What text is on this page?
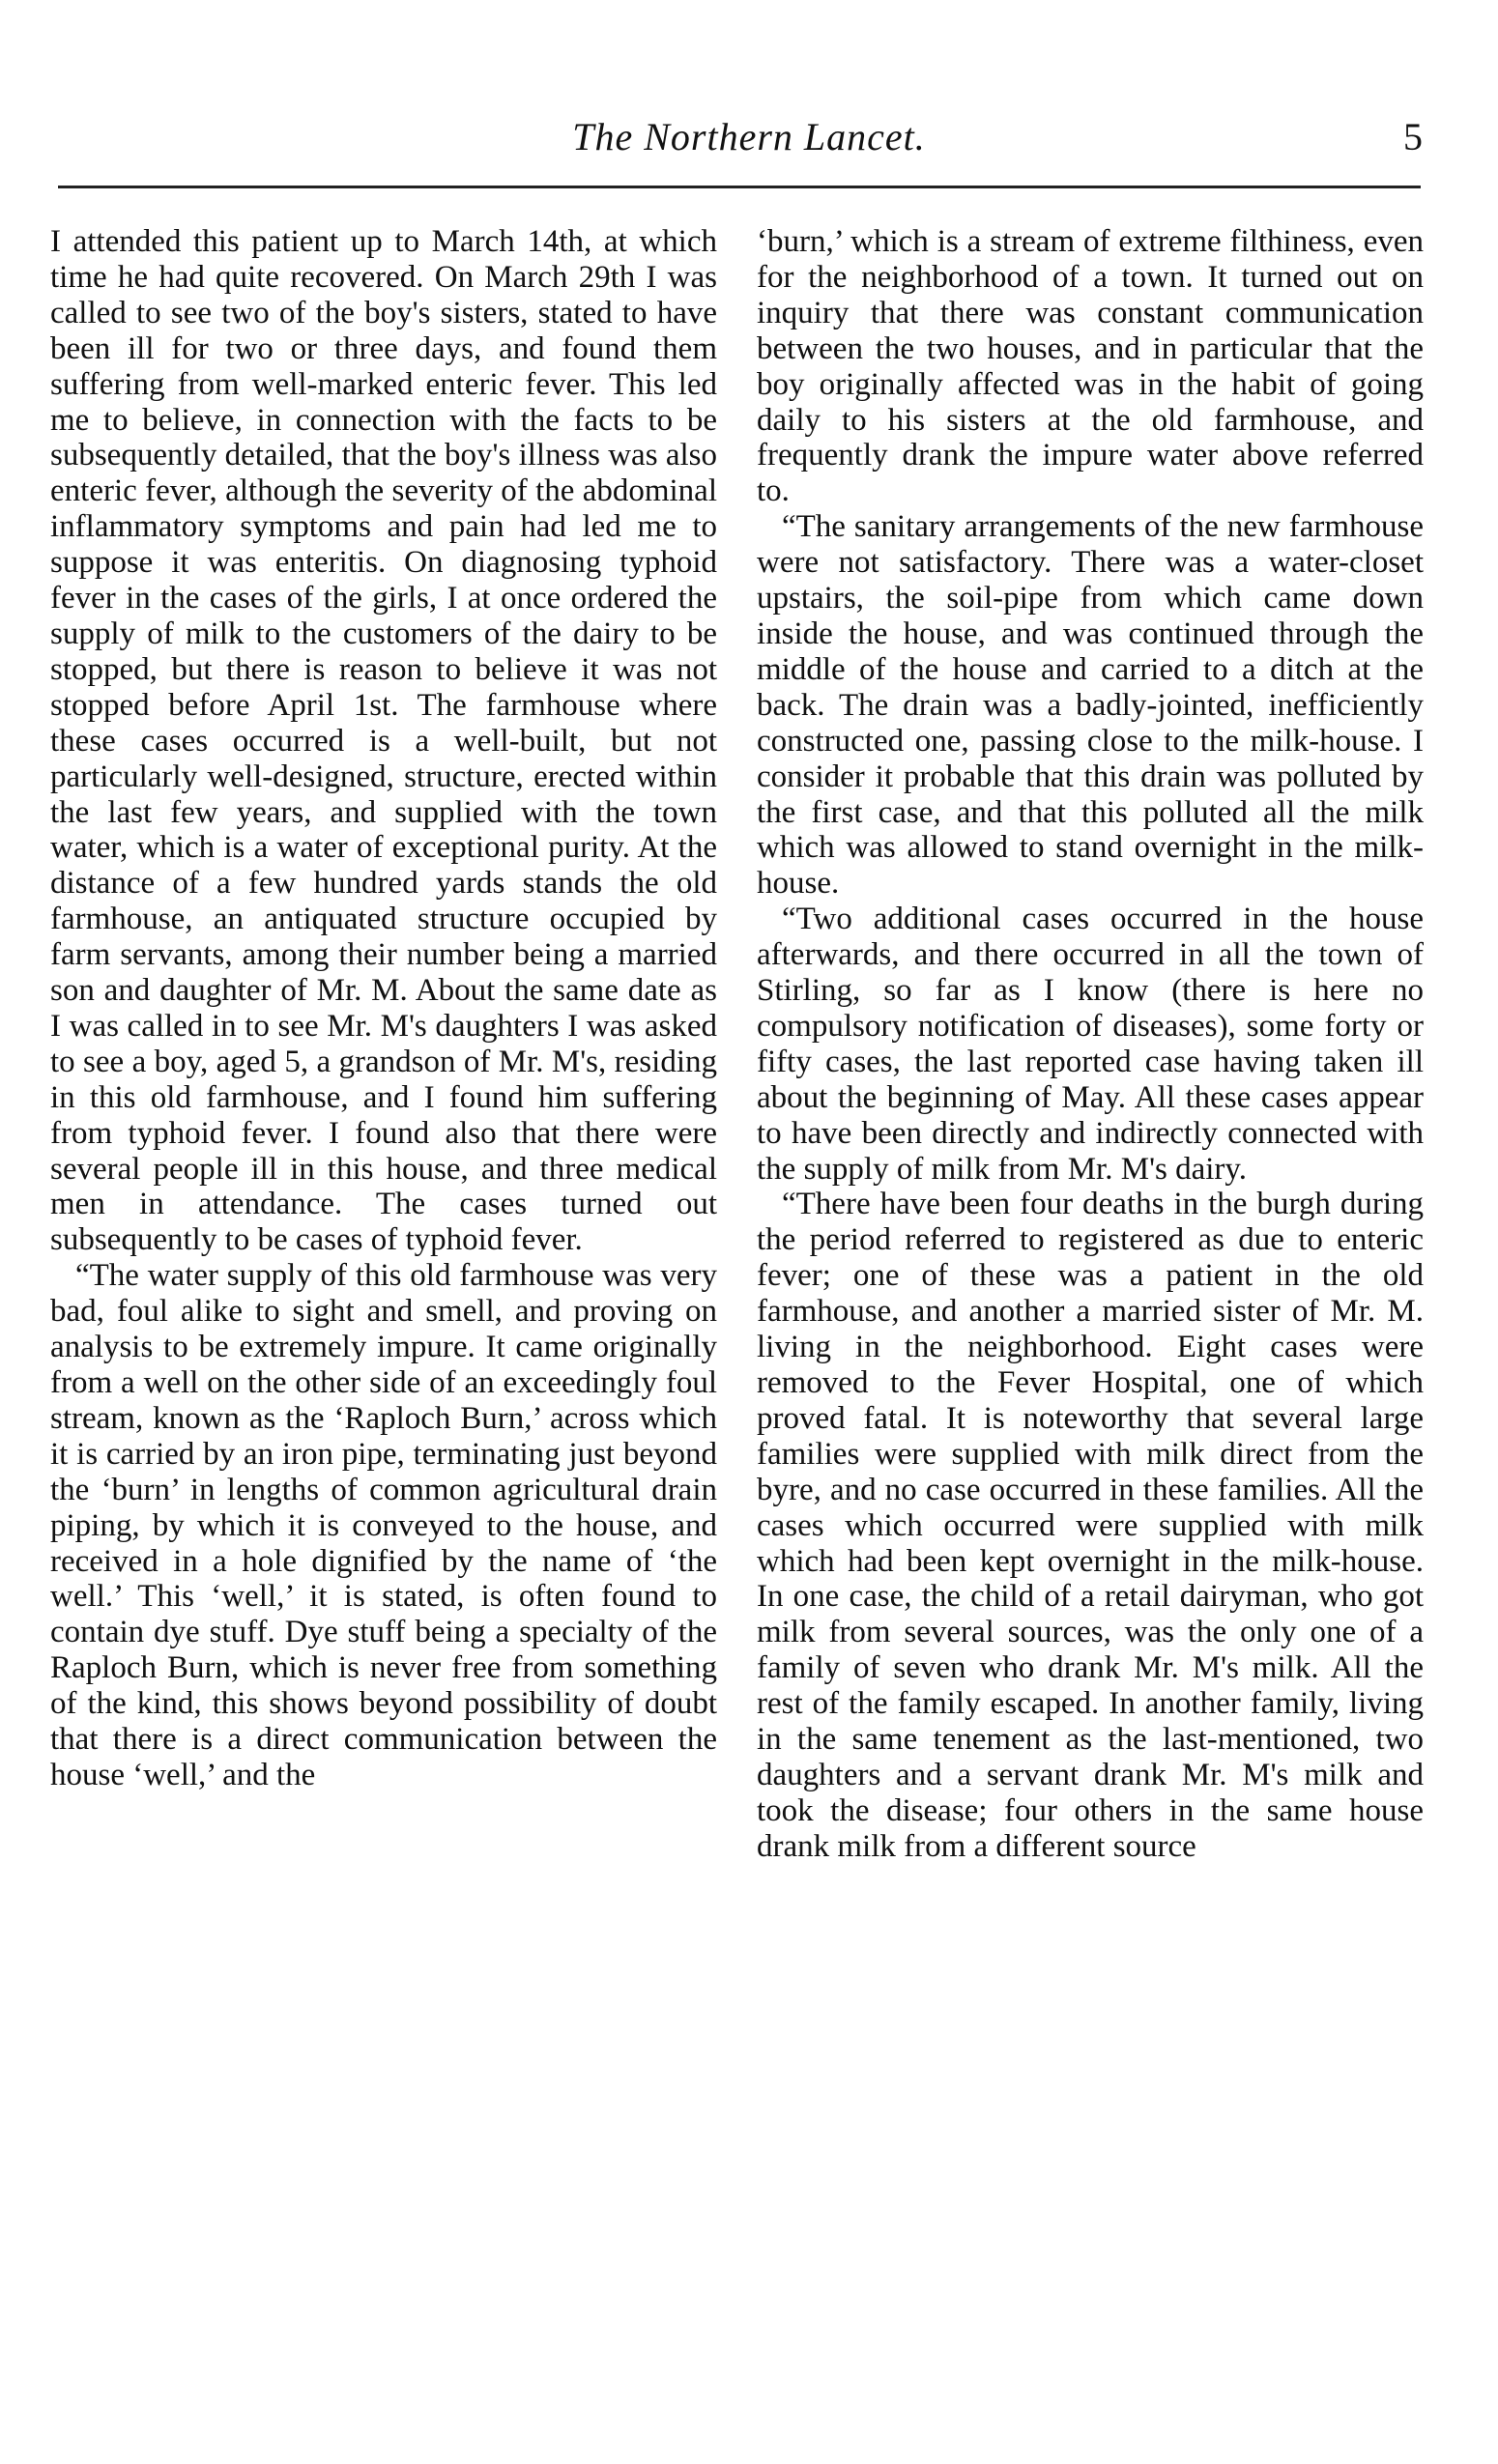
The Northern Lancet.	5

I attended this patient up to March 14th, at which time he had quite recovered. On March 29th I was called to see two of the boy's sisters, stated to have been ill for two or three days, and found them suffering from well-marked enteric fever. This led me to believe, in connection with the facts to be subsequently detailed, that the boy's illness was also enteric fever, although the severity of the abdominal inflammatory symptoms and pain had led me to suppose it was enteritis. On diagnosing typhoid fever in the cases of the girls, I at once ordered the supply of milk to the customers of the dairy to be stopped, but there is reason to believe it was not stopped before April 1st. The farmhouse where these cases occurred is a well-built, but not particularly well-designed, structure, erected within the last few years, and supplied with the town water, which is a water of exceptional purity. At the distance of a few hundred yards stands the old farmhouse, an antiquated structure occupied by farm servants, among their number being a married son and daughter of Mr. M. About the same date as I was called in to see Mr. M's daughters I was asked to see a boy, aged 5, a grandson of Mr. M's, residing in this old farmhouse, and I found him suffering from typhoid fever. I found also that there were several people ill in this house, and three medical men in attendance. The cases turned out subsequently to be cases of typhoid fever.

“The water supply of this old farmhouse was very bad, foul alike to sight and smell, and proving on analysis to be extremely impure. It came originally from a well on the other side of an exceedingly foul stream, known as the ‘Raploch Burn,’ across which it is carried by an iron pipe, terminating just beyond the ‘burn’ in lengths of common agricultural drain piping, by which it is conveyed to the house, and received in a hole dignified by the name of ‘the well.’ This ‘well,’ it is stated, is often found to contain dye stuff. Dye stuff being a specialty of the Raploch Burn, which is never free from something of the kind, this shows beyond possibility of doubt that there is a direct communication between the house ‘well,’ and the

‘burn,’ which is a stream of extreme filthiness, even for the neighborhood of a town. It turned out on inquiry that there was constant communication between the two houses, and in particular that the boy originally affected was in the habit of going daily to his sisters at the old farmhouse, and frequently drank the impure water above referred to.

“The sanitary arrangements of the new farmhouse were not satisfactory. There was a water-closet upstairs, the soil-pipe from which came down inside the house, and was continued through the middle of the house and carried to a ditch at the back. The drain was a badly-jointed, inefficiently constructed one, passing close to the milk-house. I consider it probable that this drain was polluted by the first case, and that this polluted all the milk which was allowed to stand overnight in the milk-house.

“Two additional cases occurred in the house afterwards, and there occurred in all the town of Stirling, so far as I know (there is here no compulsory notification of diseases), some forty or fifty cases, the last reported case having taken ill about the beginning of May. All these cases appear to have been directly and indirectly connected with the supply of milk from Mr. M's dairy.

“There have been four deaths in the burgh during the period referred to registered as due to enteric fever; one of these was a patient in the old farmhouse, and another a married sister of Mr. M. living in the neighborhood. Eight cases were removed to the Fever Hospital, one of which proved fatal. It is noteworthy that several large families were supplied with milk direct from the byre, and no case occurred in these families. All the cases which occurred were supplied with milk which had been kept overnight in the milk-house. In one case, the child of a retail dairyman, who got milk from several sources, was the only one of a family of seven who drank Mr. M's milk. All the rest of the family escaped. In another family, living in the same tenement as the last-mentioned, two daughters and a servant drank Mr. M's milk and took the disease; four others in the same house drank milk from a different source
